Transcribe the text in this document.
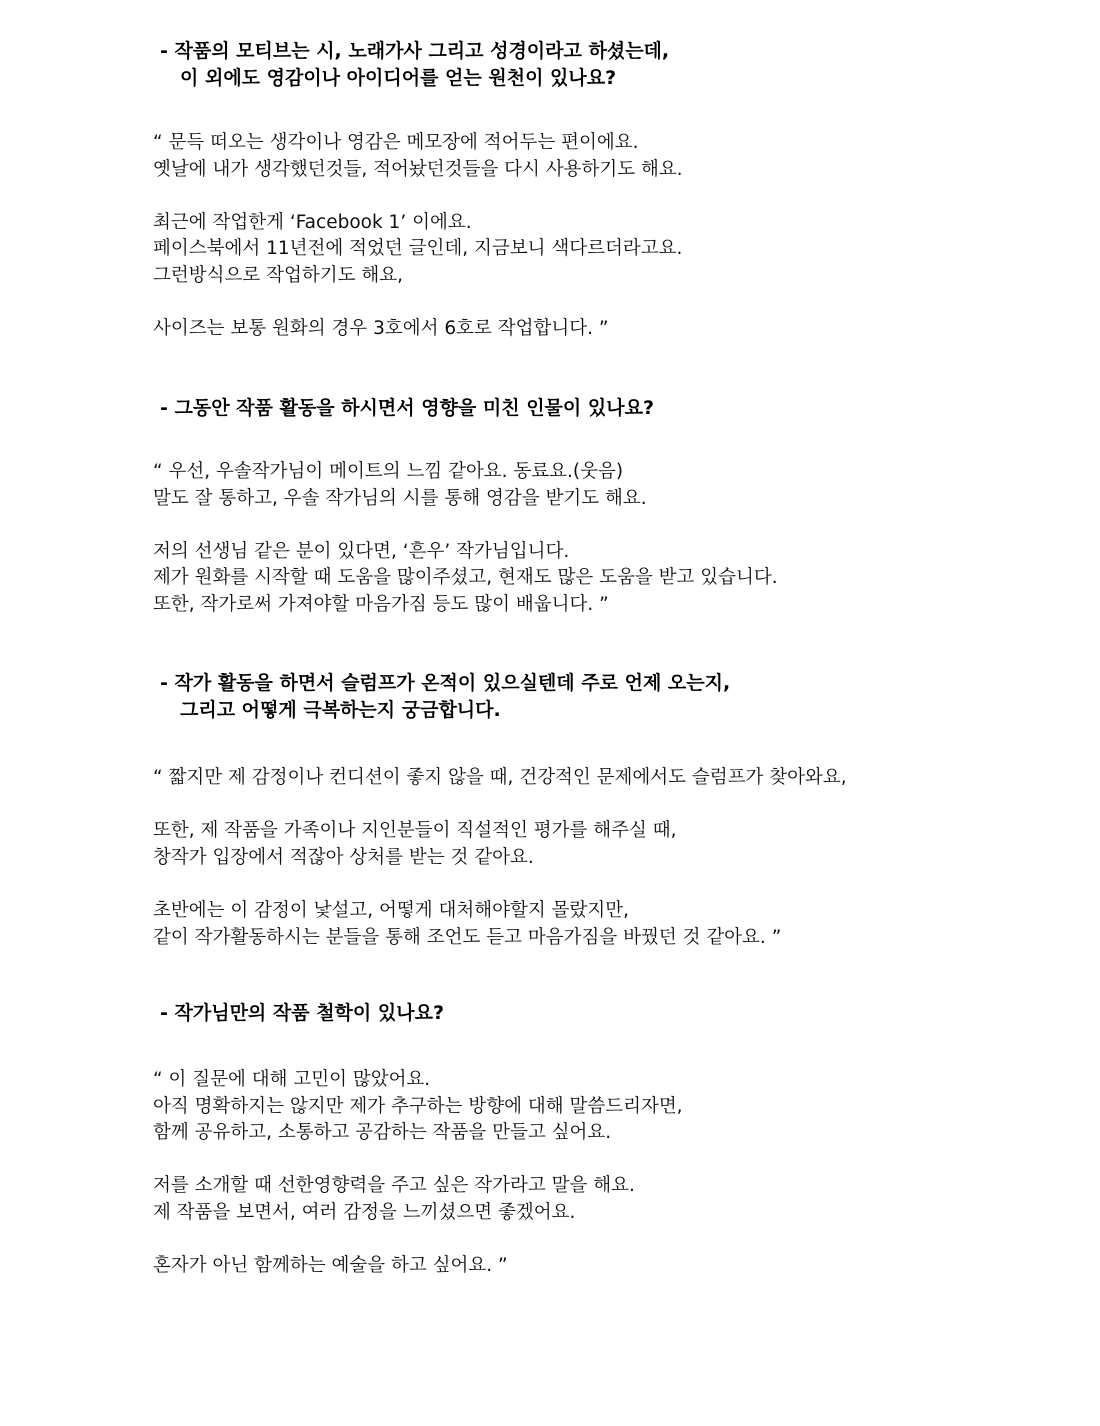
- 작품의 모티브는 시, 노래가사 그리고 성경이라고 하셨는데,
이 외에도 영감이나 아이디어를 얻는 원천이 있나요?
“ 문득 떠오는 생각이나 영감은 메모장에 적어두는 편이에요.
옛날에 내가 생각했던것들, 적어놨던것들을 다시 사용하기도 해요.
최근에 작업한게 ‘Facebook 1’ 이에요.
페이스북에서 11년전에 적었던 글인데, 지금보니 색다르더라고요.
그런방식으로 작업하기도 해요,
사이즈는 보통 원화의 경우 3호에서 6호로 작업합니다. ”
- 그동안 작품 활동을 하시면서 영향을 미친 인물이 있나요?
“ 우선, 우솔작가님이 메이트의 느낌 같아요. 동료요.(웃음)
말도 잘 통하고, 우솔 작가님의 시를 통해 영감을 받기도 해요.
저의 선생님 같은 분이 있다면, ‘흔우’ 작가님입니다.
제가 원화를 시작할 때 도움을 많이주셨고, 현재도 많은 도움을 받고 있습니다.
또한, 작가로써 가져야할 마음가짐 등도 많이 배웁니다. ”
- 작가 활동을 하면서 슬럼프가 온적이 있으실텐데 주로 언제 오는지,
그리고 어떻게 극복하는지 궁금합니다.
“ 짧지만 제 감정이나 컨디션이 좋지 않을 때, 건강적인 문제에서도 슬럼프가 찾아와요,
또한, 제 작품을 가족이나 지인분들이 직설적인 평가를 해주실 때,
창작가 입장에서 적잖아 상처를 받는 것 같아요.
초반에는 이 감정이 낯설고, 어떻게 대처해야할지 몰랐지만,
같이 작가활동하시는 분들을 통해 조언도 듣고 마음가짐을 바꿨던 것 같아요. ”
- 작가님만의 작품 철학이 있나요?
“ 이 질문에 대해 고민이 많았어요.
아직 명확하지는 않지만 제가 추구하는 방향에 대해 말씀드리자면,
함께 공유하고, 소통하고 공감하는 작품을 만들고 싶어요.
저를 소개할 때 선한영향력을 주고 싶은 작가라고 말을 해요.
제 작품을 보면서, 여러 감정을 느끼셨으면 좋겠어요.
혼자가 아닌 함께하는 예술을 하고 싶어요. ”
